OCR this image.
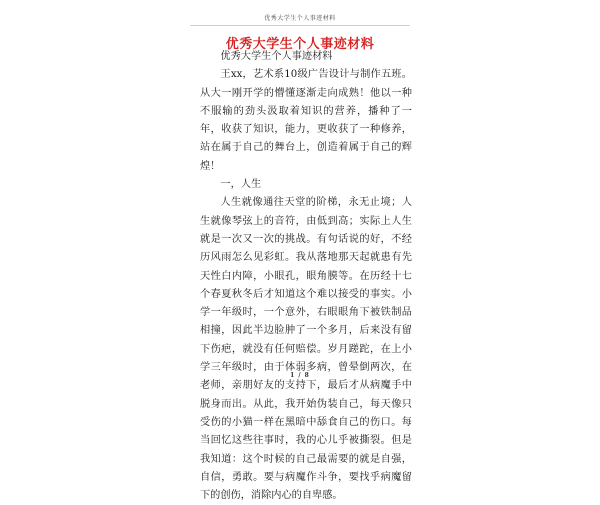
优秀大学生个人事迹材料
优秀大学生个人事迹材料

优秀大学生个人事迹材料

王xx，艺术系10级广告设计与制作五班。从大一刚开学的懵懂逐渐走向成熟！他以一种不服输的劲头汲取着知识的营养，播种了一年，收获了知识，能力，更收获了一种修养，站在属于自己的舞台上，创造着属于自己的辉煌！

一，人生

人生就像通往天堂的阶梯，永无止境；人生就像琴弦上的音符，由低到高；实际上人生就是一次又一次的挑战。有句话说的好，不经历风雨怎么见彩虹。我从落地那天起就患有先天性白内障，小眼孔，眼角膜等。在历经十七个春夏秋冬后才知道这个难以接受的事实。小学一年级时，一个意外，右眼眼角下被铁制品相撞，因此半边脸肿了一个多月，后来没有留下伤疤，就没有任何赔偿。岁月蹉跎，在上小学三年级时，由于体弱多病，曾晕倒两次，在老师，亲朋好友的支持下，最后才从病魔手中脱身而出。从此，我开始伪装自己，每天像只受伤的小猫一样在黑暗中舔食自己的伤口。每当回忆这些往事时，我的心儿乎被撕裂。但是我知道：这个时候的自己最需要的就是自强，自信，勇敢。要与病魔作斗争，要找乎病魔留下的创伤，消除内心的自卑感。

1 / 8
